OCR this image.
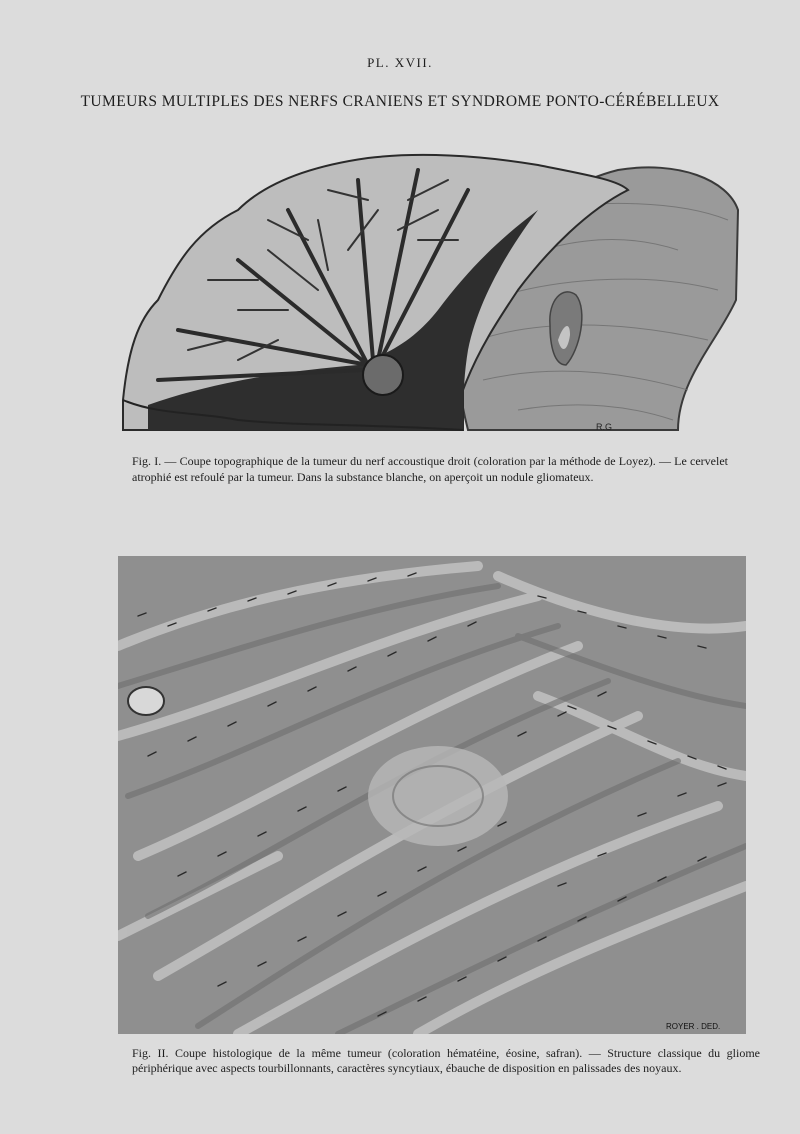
PL. XVII.
TUMEURS MULTIPLES DES NERFS CRANIENS ET SYNDROME PONTO-CÉRÉBELLEUX
R.G
Fig. I. — Coupe topographique de la tumeur du nerf accoustique droit (coloration par la méthode de Loyez). — Le cervelet atrophié est refoulé par la tumeur. Dans la substance blanche, on aperçoit un nodule gliomateux.
ROYER . DED.
Fig. II. Coupe histologique de la même tumeur (coloration hématéine, éosine, safran). — Structure classique du gliome périphérique avec aspects tourbillonnants, caractères syncytiaux, ébauche de disposition en palissades des noyaux.
